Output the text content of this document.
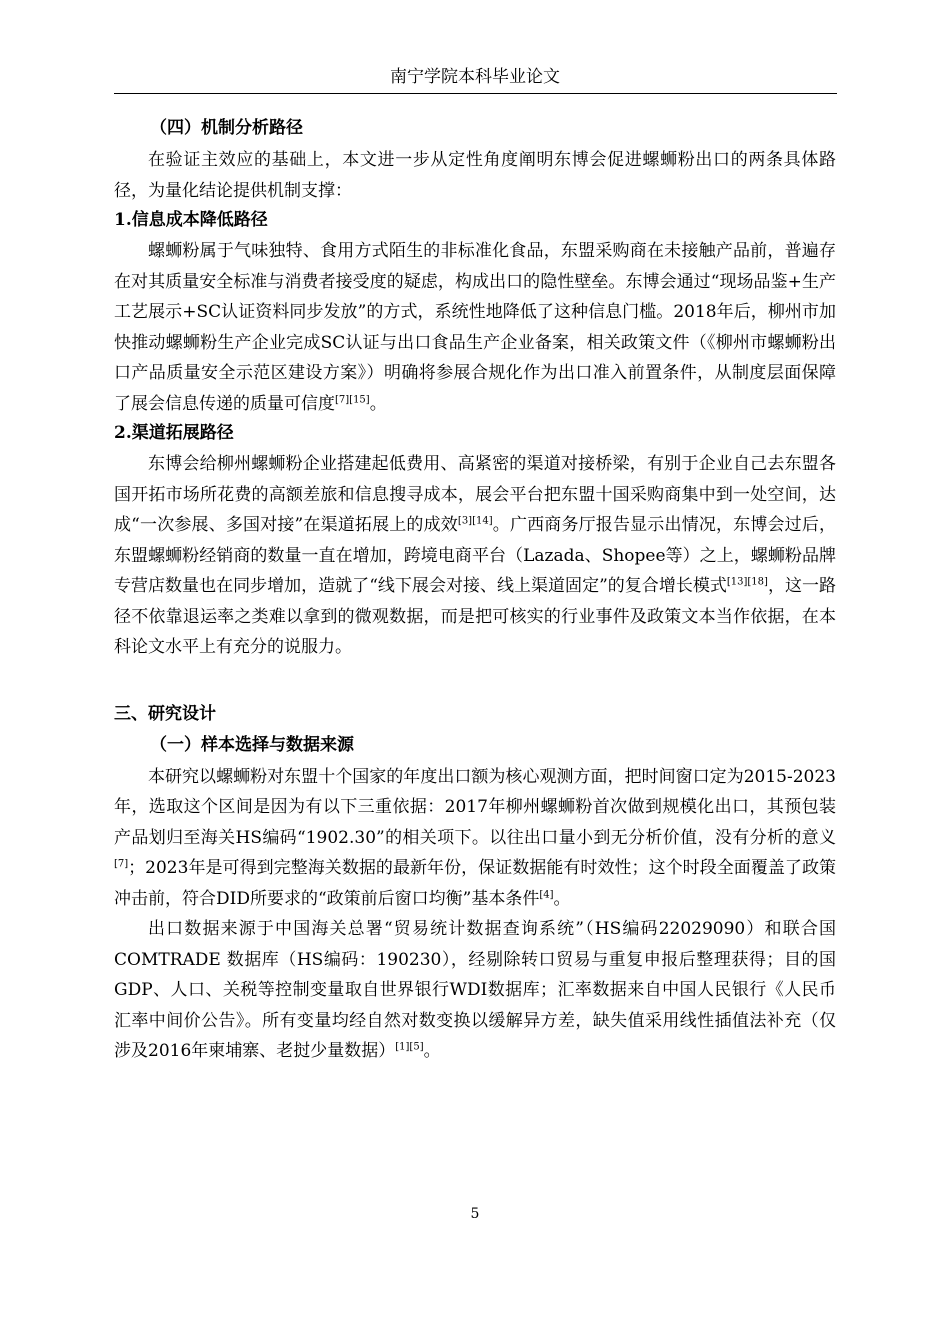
南宁学院本科毕业论文
（四）机制分析路径

在验证主效应的基础上，本文进一步从定性角度阐明东博会促进螺蛳粉出口的两条具体路径，为量化结论提供机制支撑：

1.信息成本降低路径

螺蛳粉属于气味独特、食用方式陌生的非标准化食品，东盟采购商在未接触产品前，普遍存在对其质量安全标准与消费者接受度的疑虑，构成出口的隐性壁垒。东博会通过“现场品鉴+生产工艺展示+SC认证资料同步发放”的方式，系统性地降低了这种信息门槛。2018年后，柳州市加快推动螺蛳粉生产企业完成SC认证与出口食品生产企业备案，相关政策文件（《柳州市螺蛳粉出口产品质量安全示范区建设方案》）明确将参展合规化作为出口准入前置条件，从制度层面保障了展会信息传递的质量可信度[7][15]。

2.渠道拓展路径

东博会给柳州螺蛳粉企业搭建起低费用、高紧密的渠道对接桥梁，有别于企业自己去东盟各国开拓市场所花费的高额差旅和信息搜寻成本，展会平台把东盟十国采购商集中到一处空间，达成“一次参展、多国对接”在渠道拓展上的成效[3][14]。广西商务厅报告显示出情况，东博会过后，东盟螺蛳粉经销商的数量一直在增加，跨境电商平台（Lazada、Shopee等）之上，螺蛳粉品牌专营店数量也在同步增加，造就了“线下展会对接、线上渠道固定”的复合增长模式[13][18]，这一路径不依靠退运率之类难以拿到的微观数据，而是把可核实的行业事件及政策文本当作依据，在本科论文水平上有充分的说服力。

三、研究设计
（一）样本选择与数据来源

本研究以螺蛳粉对东盟十个国家的年度出口额为核心观测方面，把时间窗口定为2015-2023年，选取这个区间是因为有以下三重依据：2017年柳州螺蛳粉首次做到规模化出口，其预包装产品划归至海关HS编码“1902.30”的相关项下。以往出口量小到无分析价值，没有分析的意义[7]；2023年是可得到完整海关数据的最新年份，保证数据能有时效性；这个时段全面覆盖了政策冲击前，符合DID所要求的“政策前后窗口均衡”基本条件[4]。

出口数据来源于中国海关总署“贸易统计数据查询系统”（HS编码22029090）和联合国 COMTRADE 数据库（HS编码：190230），经剔除转口贸易与重复申报后整理获得；目的国GDP、人口、关税等控制变量取自世界银行WDI数据库；汇率数据来自中国人民银行《人民币汇率中间价公告》。所有变量均经自然对数变换以缓解异方差，缺失值采用线性插值法补充（仅涉及2016年柬埔寨、老挝少量数据）[1][5]。

5
